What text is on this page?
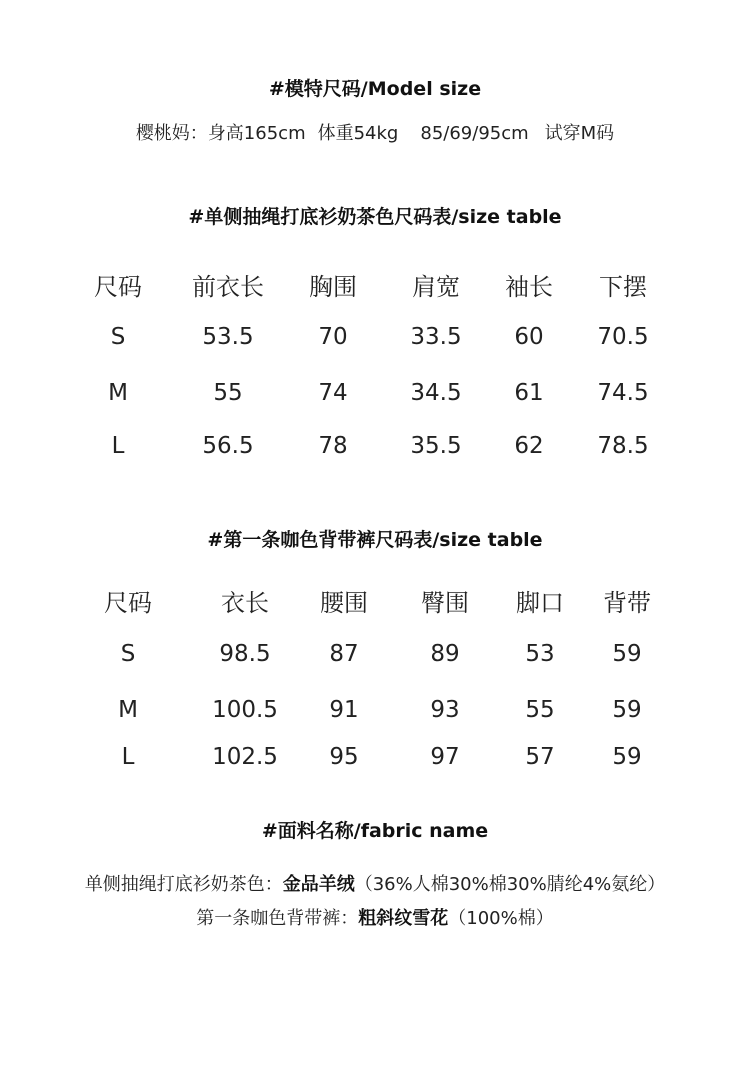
#模特尺码/Model size
樱桃妈：身高165cm 体重54kg 85/69/95cm 试穿M码
#单侧抽绳打底衫奶茶色尺码表/size table
尺码 前衣长 胸围 肩宽 袖长 下摆
S	53.5	70	33.5 60 70.5
M	55	74	34.5 61 74.5
L	56.5	78	35.5 62 78.5
#第一条咖色背带裤尺码表/size table
尺码	衣长 腰围 臀围 脚口 背带
S	98.5	87	89	53	59
M	100.5 91	93	55	59
L	102.5 95	97	57	59
#面料名称/fabric name
单侧抽绳打底衫奶茶色：金品羊绒（36%人棉30%棉30%腈纶4%氨纶）
第一条咖色背带裤：粗斜纹雪花（100%棉）
